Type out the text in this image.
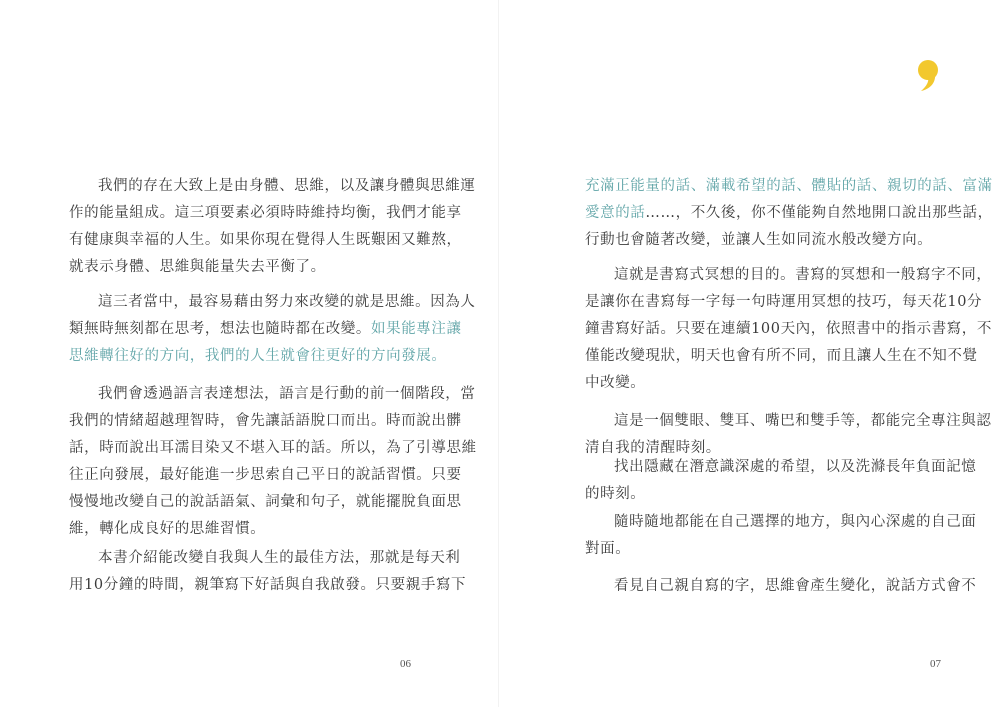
我們的存在大致上是由身體、思維，以及讓身體與思維運
作的能量組成。這三項要素必須時時維持均衡，我們才能享
有健康與幸福的人生。如果你現在覺得人生既艱困又難熬，
就表示身體、思維與能量失去平衡了。

這三者當中，最容易藉由努力來改變的就是思維。因為人
類無時無刻都在思考，想法也隨時都在改變。如果能專注讓
思維轉往好的方向，我們的人生就會往更好的方向發展。

我們會透過語言表達想法，語言是行動的前一個階段，當
我們的情緒超越理智時，會先讓話語脫口而出。時而說出髒
話，時而說出耳濡目染又不堪入耳的話。所以，為了引導思維
往正向發展，最好能進一步思索自己平日的說話習慣。只要
慢慢地改變自己的說話語氣、詞彙和句子，就能擺脫負面思
維，轉化成良好的思維習慣。

本書介紹能改變自我與人生的最佳方法，那就是每天利
用10分鐘的時間，親筆寫下好話與自我啟發。只要親手寫下

06

充滿正能量的話、滿載希望的話、體貼的話、親切的話、富滿
愛意的話……，不久後，你不僅能夠自然地開口說出那些話，
行動也會隨著改變，並讓人生如同流水般改變方向。

這就是書寫式冥想的目的。書寫的冥想和一般寫字不同，
是讓你在書寫每一字每一句時運用冥想的技巧，每天花10分
鐘書寫好話。只要在連續100天內，依照書中的指示書寫，不
僅能改變現狀，明天也會有所不同，而且讓人生在不知不覺
中改變。

這是一個雙眼、雙耳、嘴巴和雙手等，都能完全專注與認
清自我的清醒時刻。

找出隱藏在潛意識深處的希望，以及洗滌長年負面記憶
的時刻。

隨時隨地都能在自己選擇的地方，與內心深處的自己面
對面。

看見自己親自寫的字，思維會產生變化，說話方式會不

07
